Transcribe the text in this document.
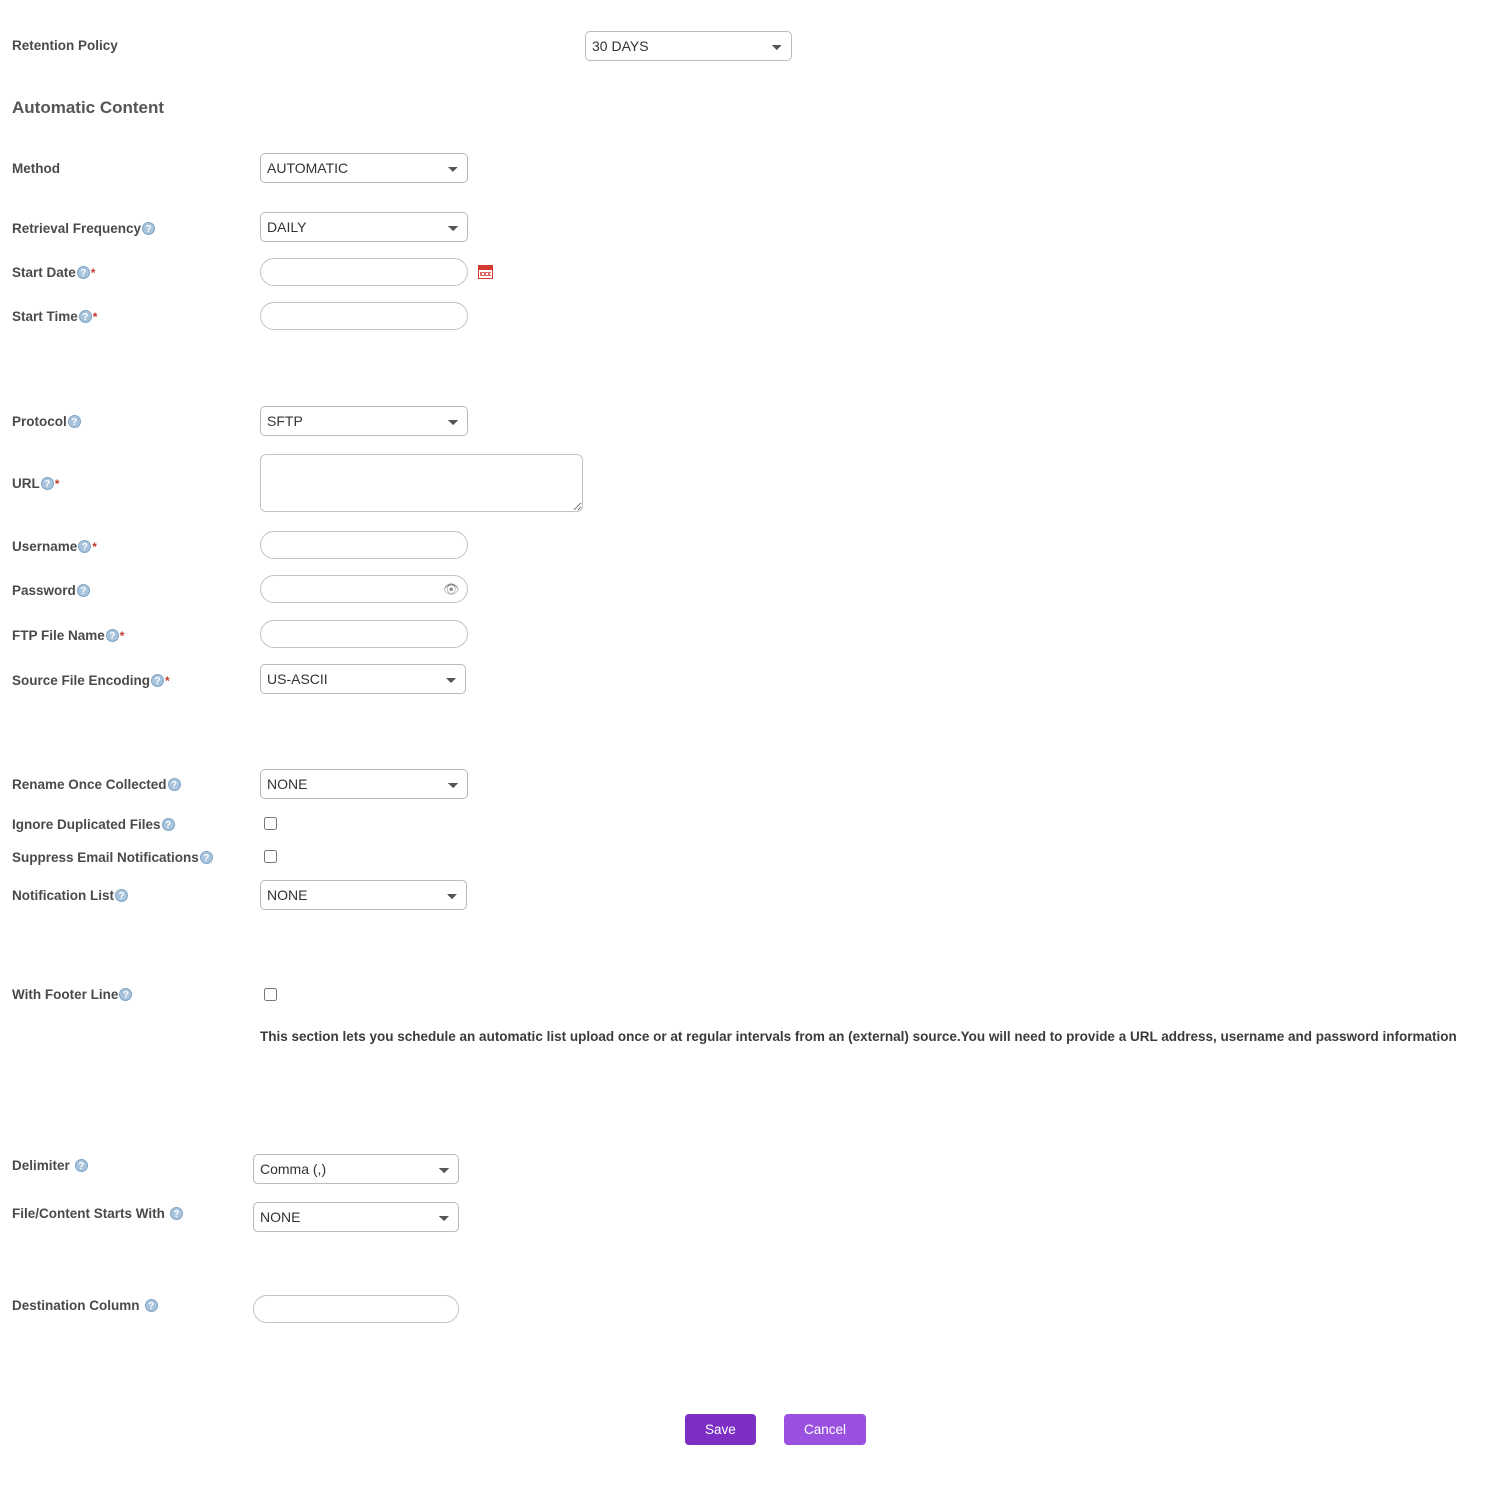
Retention Policy
30 DAYS
Automatic Content
Method
AUTOMATIC
Retrieval Frequency ?
DAILY
Start Date ? *
Start Time ? *
Protocol ?
SFTP
URL ? *
Username ? *
Password ?	👁

FTP File Name ? *
Source File Encoding ? *
US-ASCII
Rename Once Collected ?
NONE
Ignore Duplicated Files ?
Suppress Email Notifications ?
Notification List ?
NONE
With Footer Line ?
This section lets you schedule an automatic list upload once or at regular intervals from an (external) source.You will need to provide a URL address, username and password information
Delimiter ?
Comma (,)
File/Content Starts With ?
NONE
Destination Column ?
Save	Cancel
